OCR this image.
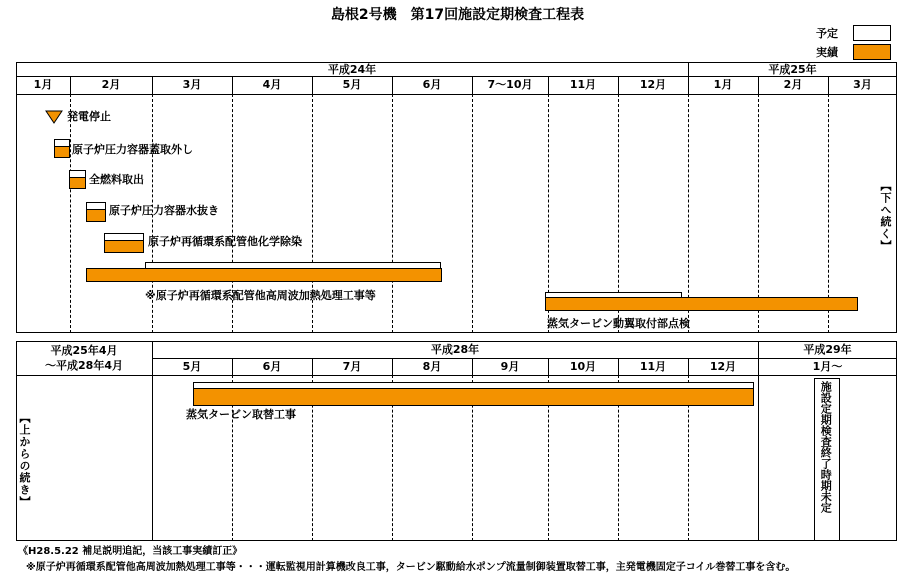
島根2号機　第17回施設定期検査工程表
予定
実績
平成24年	平成25年
1月	2月	3月	4月	5月	6月	7～10月	11月	12月	1月	2月	3月
発電停止
原子炉圧力容器蓋取外し
全燃料取出
原子炉圧力容器水抜き
原子炉再循環系配管他化学除染
※原子炉再循環系配管他高周波加熱処理工事等
蒸気タービン動翼取付部点検
【下へ続く】
平成25年4月
～平成28年4月
平成28年	平成29年
5月	6月	7月	8月	9月	10月	11月	12月	1月～
【上からの続き】	蒸気タービン取替工事	施設定期検査終了時期未定
《H28.5.22 補足説明追記，当該工事実績訂正》
※原子炉再循環系配管他高周波加熱処理工事等・・・運転監視用計算機改良工事，タービン駆動給水ポンプ流量制御装置取替工事，主発電機固定子コイル巻替工事を含む。
